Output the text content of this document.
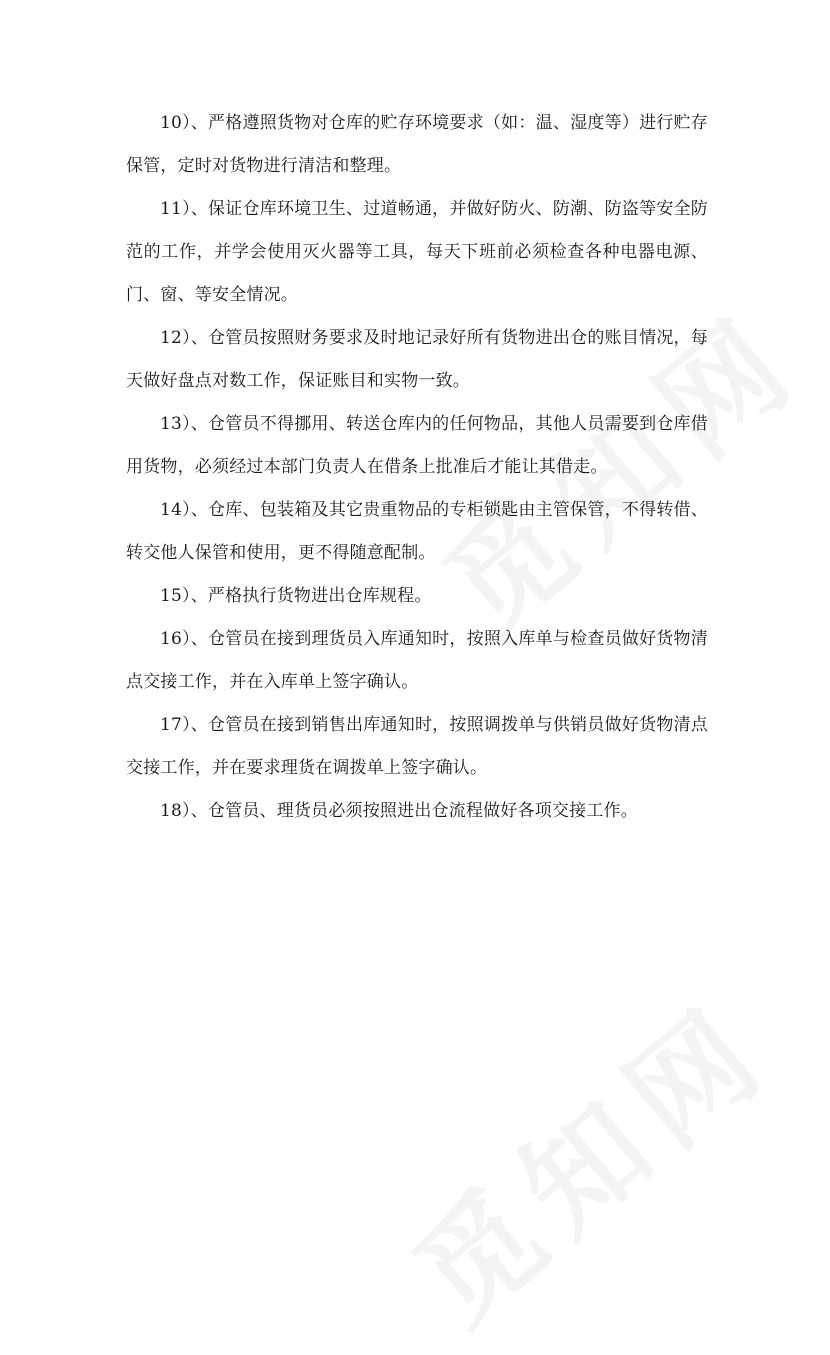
10）、严格遵照货物对仓库的贮存环境要求（如：温、湿度等）进行贮存保管，定时对货物进行清洁和整理。

11）、保证仓库环境卫生、过道畅通，并做好防火、防潮、防盗等安全防范的工作，并学会使用灭火器等工具，每天下班前必须检查各种电器电源、门、窗、等安全情况。

12）、仓管员按照财务要求及时地记录好所有货物进出仓的账目情况，每天做好盘点对数工作，保证账目和实物一致。

13）、仓管员不得挪用、转送仓库内的任何物品，其他人员需要到仓库借用货物，必须经过本部门负责人在借条上批准后才能让其借走。

14）、仓库、包装箱及其它贵重物品的专柜锁匙由主管保管，不得转借、转交他人保管和使用，更不得随意配制。

15）、严格执行货物进出仓库规程。

16）、仓管员在接到理货员入库通知时，按照入库单与检查员做好货物清点交接工作，并在入库单上签字确认。

17）、仓管员在接到销售出库通知时，按照调拨单与供销员做好货物清点交接工作，并在要求理货在调拨单上签字确认。

18）、仓管员、理货员必须按照进出仓流程做好各项交接工作。
